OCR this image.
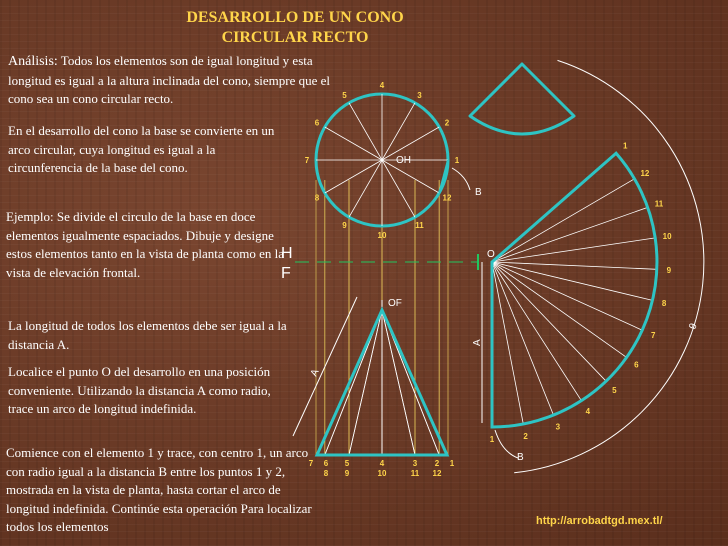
DESARROLLO DE UN CONO CIRCULAR RECTO
Análisis: Todos los elementos son de igual longitud y esta longitud es igual a la altura inclinada del cono, siempre que el cono sea un cono circular recto.
En el desarrollo del cono la base se convierte en un arco circular, cuya longitud es igual a la circunferencia de la base del cono.
Ejemplo: Se divide el circulo de la base en doce elementos igualmente espaciados. Dibuje y designe estos elementos tanto en la vista de planta como en la vista de elevación frontal.
La longitud de todos los elementos debe ser igual a la distancia A.
Localice el punto O del desarrollo en una posición conveniente. Utilizando la distancia A como radio, trace un arco de longitud indefinida.
Comience con el elemento 1 y trace, con centro 1, un arco con radio igual a la distancia B entre los puntos 1 y 2, mostrada en la vista de planta, hasta cortar el arco de longitud indefinida. Continúe esta operación Para localizar todos los elementos	http://arrobadtgd.mex.tl/
1
2
3
4
5
6
7
8
9
10
11
12
OH
B
H
F
OF
7 6 5	4	3 2 1
8 9	10	11 12
A
1	2
3
4
5
6
7
8
9
10
11
12
1
O
θ
A
B
